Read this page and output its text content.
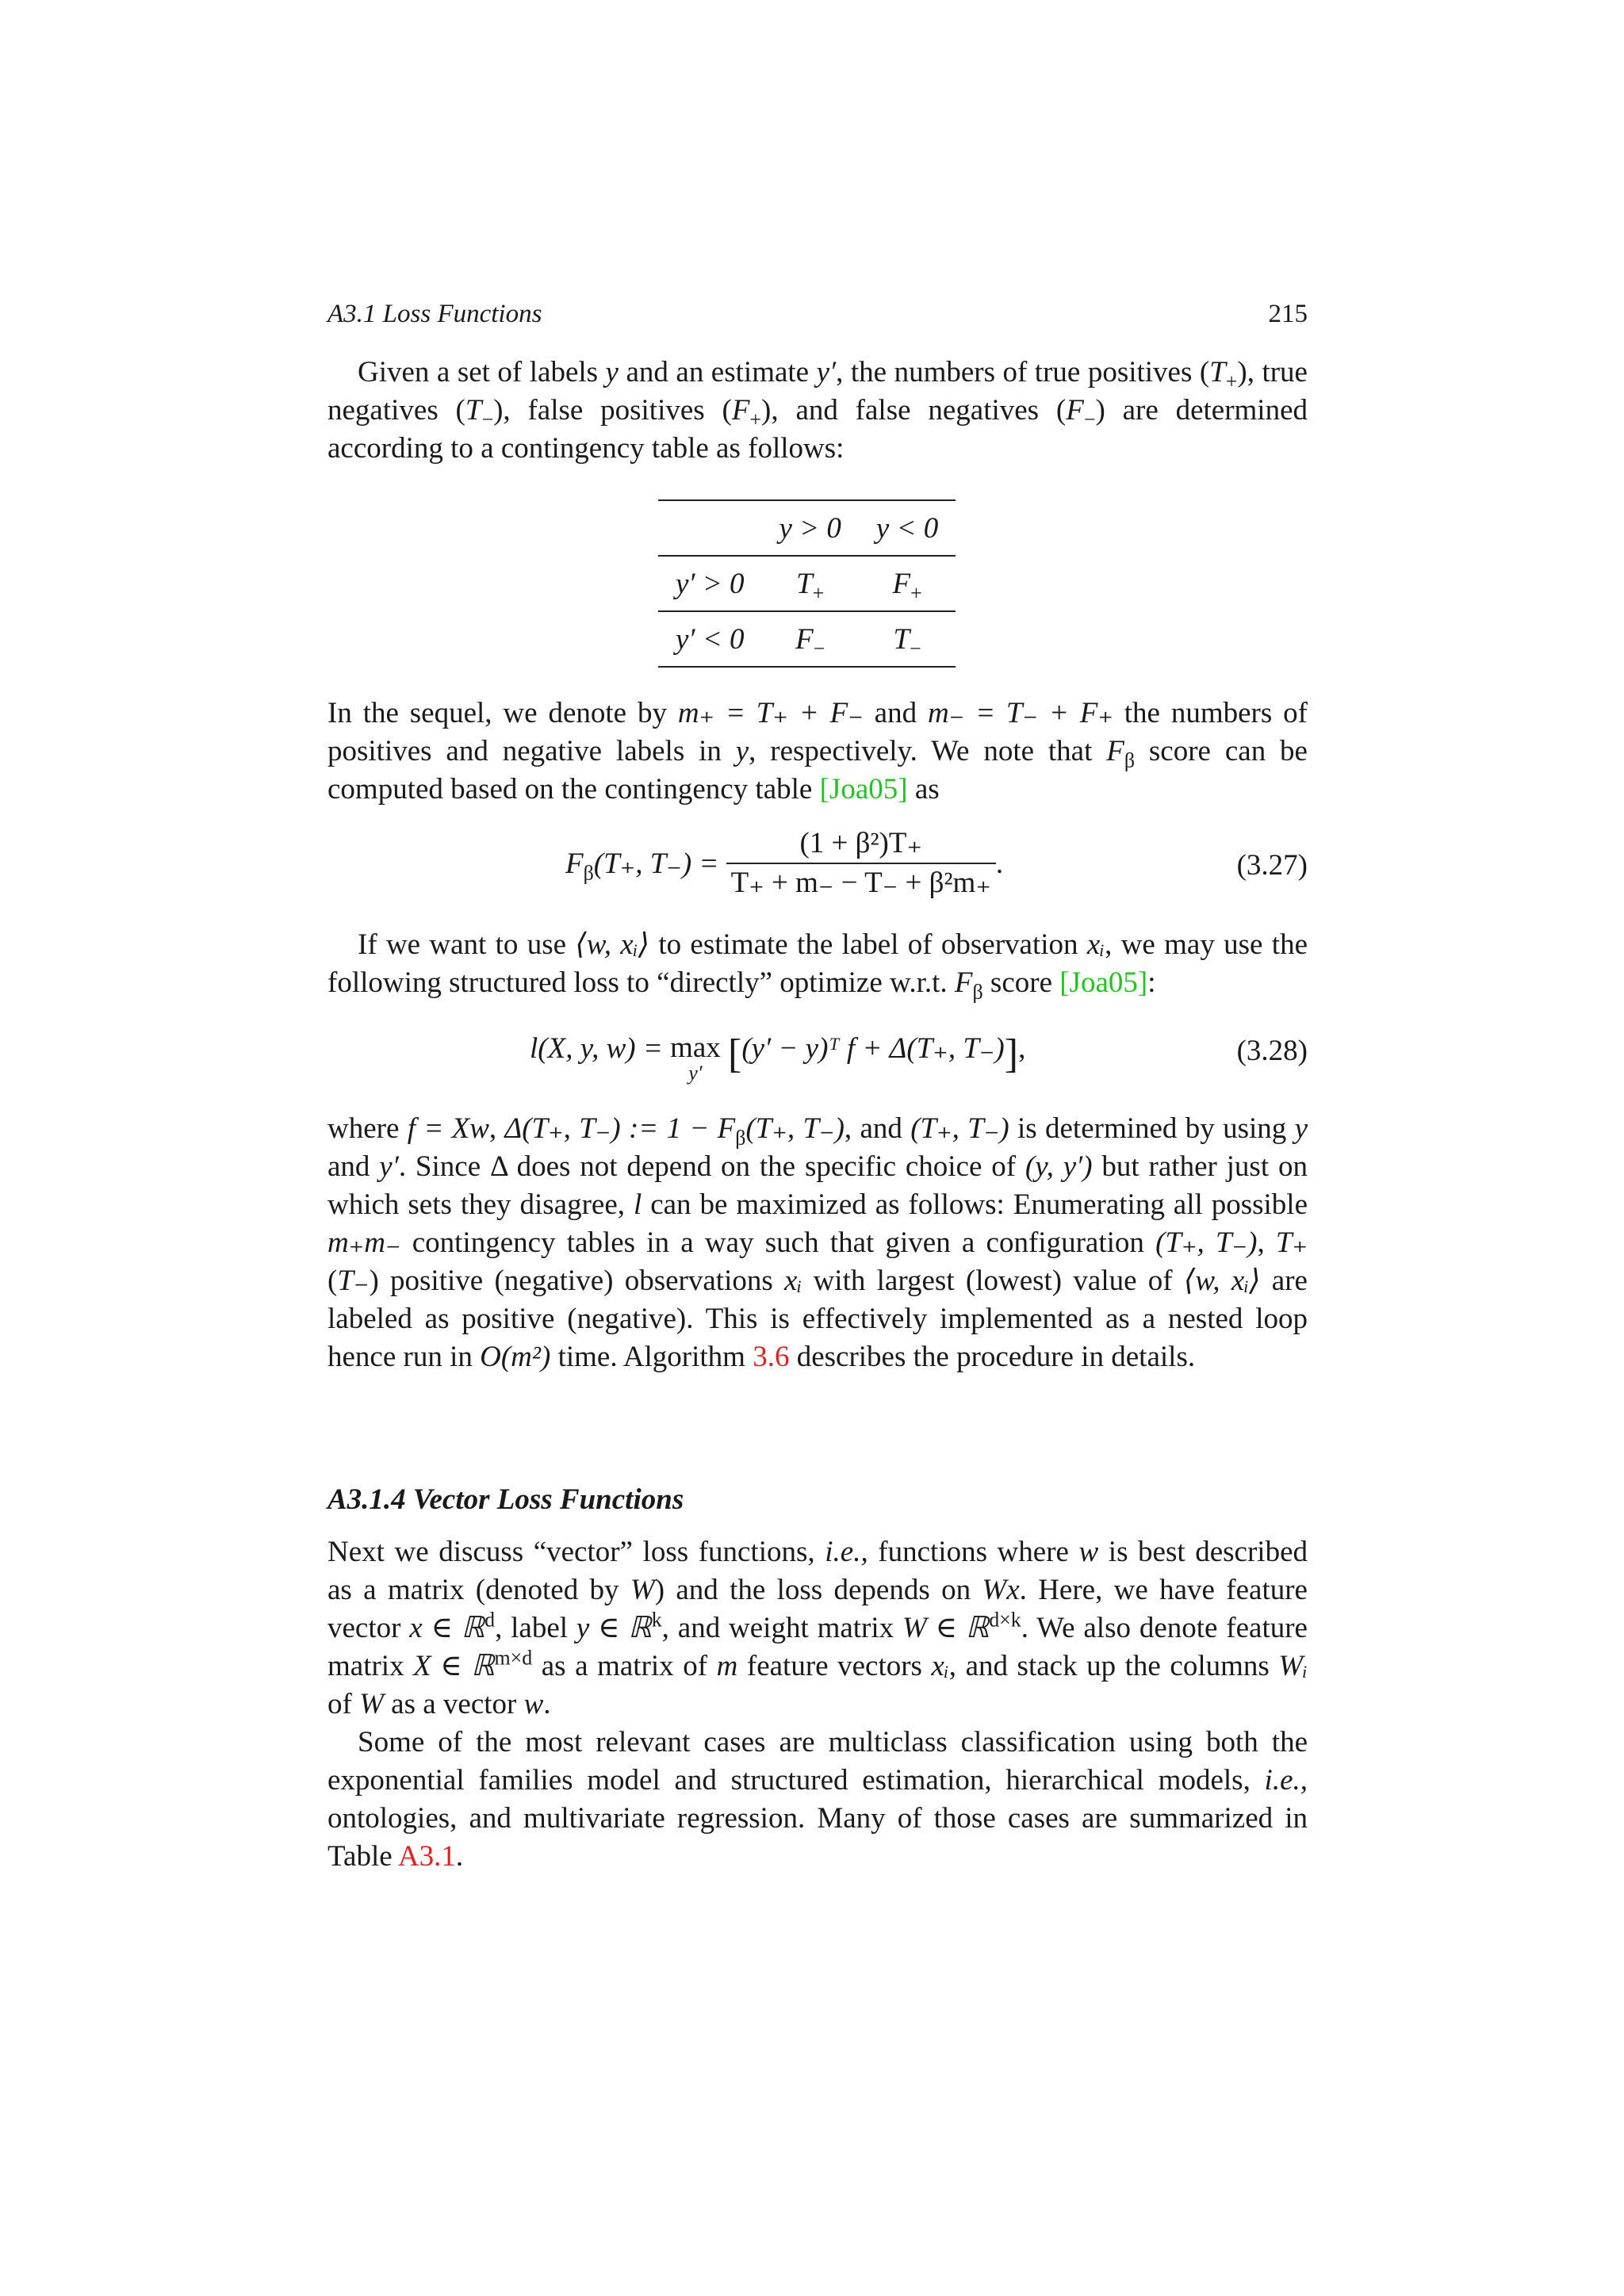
A3.1 Loss Functions	215
Given a set of labels y and an estimate y′, the numbers of true positives $(T_+)$, true negatives $(T_-)$, false positives $(F_+)$, and false negatives $(F_-)$ are determined according to a contingency table as follows:
	y > 0	y < 0
y′ > 0	$T_+$	$F_+$
y′ < 0	$F_-$	$T_-$
In the sequel, we denote by m₊ = T₊ + F₋ and m₋ = T₋ + F₊ the numbers of positives and negative labels in y, respectively. We note that $F_\beta$ score can be computed based on the contingency table [Joa05] as
$F_\beta(T_+$, $T_-) = \frac{\text{(1 + β²)T₊}}{\text{T₊ + m₋ − T₋ + β²m₊}}$ .	(3.27)
If we want to use ⟨w, xᵢ⟩ to estimate the label of observation xᵢ, we may use the following structured loss to “directly” optimize w.r.t. $F_\beta$ score [Joa05]:
l(X, y, w) = max
y′ [(y′ − y)ᵀ f + Δ(T₊, T₋)],	(3.28)
where f = Xw, Δ(T₊, T₋) := $1 - F_\beta(T_+$, T₋), and (T₊, T₋) is determined by using y and y′. Since Δ does not depend on the specific choice of (y, y′) but rather just on which sets they disagree, l can be maximized as follows: Enumerating all possible m₊m₋ contingency tables in a way such that given a configuration (T₊, T₋), T₊ (T₋) positive (negative) observations xᵢ with largest (lowest) value of ⟨w, xᵢ⟩ are labeled as positive (negative). This is effectively implemented as a nested loop hence run in O(m²) time. Algorithm 3.6 describes the procedure in details.
A3.1.4 Vector Loss Functions
Next we discuss “vector” loss functions, i.e., functions where w is best described as a matrix (denoted by W) and the loss depends on Wx. Here, we have feature vector x ∈ ℝ$^d$, label y ∈ ℝ$^k$, and weight matrix W ∈ ℝ$^{d\times k}$. We also denote feature matrix X ∈ ℝ$^{m\times d}$ as a matrix of m feature vectors xᵢ, and stack up the columns Wᵢ of W as a vector w.
Some of the most relevant cases are multiclass classification using both the exponential families model and structured estimation, hierarchical models, i.e., ontologies, and multivariate regression. Many of those cases are summarized in Table A3.1.
